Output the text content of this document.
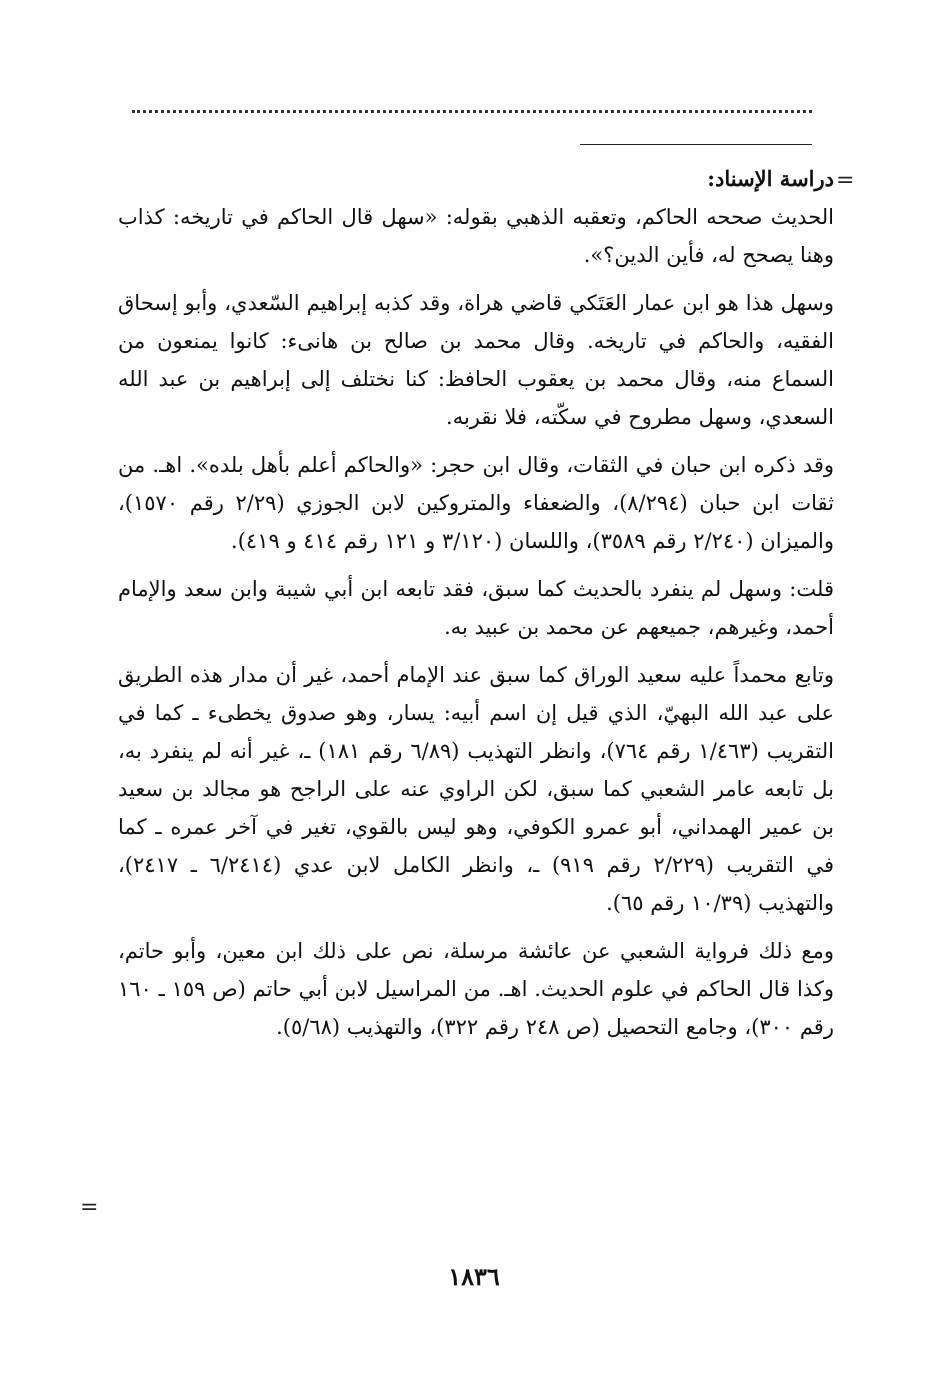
=
=
دراسة الإسناد:

الحديث صححه الحاكم، وتعقبه الذهبي بقوله: «سهل قال الحاكم في تاريخه: كذاب وهنا يصحح له، فأين الدين؟».

وسهل هذا هو ابن عمار العَتَكي قاضي هراة، وقد كذبه إبراهيم السّعدي، وأبو إسحاق الفقيه، والحاكم في تاريخه. وقال محمد بن صالح بن هانىء: كانوا يمنعون من السماع منه، وقال محمد بن يعقوب الحافظ: كنا نختلف إلى إبراهيم بن عبد الله السعدي، وسهل مطروح في سكّته، فلا نقربه.

وقد ذكره ابن حبان في الثقات، وقال ابن حجر: «والحاكم أعلم بأهل بلده». اهـ. من ثقات ابن حبان (٨/٢٩٤)، والضعفاء والمتروكين لابن الجوزي (٢/٢٩ رقم ١٥٧٠)، والميزان (٢/٢٤٠ رقم ٣٥٨٩)، واللسان (٣/١٢٠ و ١٢١ رقم ٤١٤ و ٤١٩).

قلت: وسهل لم ينفرد بالحديث كما سبق، فقد تابعه ابن أبي شيبة وابن سعد والإمام أحمد، وغيرهم، جميعهم عن محمد بن عبيد به.

وتابع محمداً عليه سعيد الوراق كما سبق عند الإمام أحمد، غير أن مدار هذه الطريق على عبد الله البهيّ، الذي قيل إن اسم أبيه: يسار، وهو صدوق يخطىء ـ كما في التقريب (١/٤٦٣ رقم ٧٦٤)، وانظر التهذيب (٦/٨٩ رقم ١٨١) ـ، غير أنه لم ينفرد به، بل تابعه عامر الشعبي كما سبق، لكن الراوي عنه على الراجح هو مجالد بن سعيد بن عمير الهمداني، أبو عمرو الكوفي، وهو ليس بالقوي، تغير في آخر عمره ـ كما في التقريب (٢/٢٢٩ رقم ٩١٩) ـ، وانظر الكامل لابن عدي (٦/٢٤١٤ ـ ٢٤١٧)، والتهذيب (١٠/٣٩ رقم ٦٥).

ومع ذلك فرواية الشعبي عن عائشة مرسلة، نص على ذلك ابن معين، وأبو حاتم، وكذا قال الحاكم في علوم الحديث. اهـ. من المراسيل لابن أبي حاتم (ص ١٥٩ ـ ١٦٠ رقم ٣٠٠)، وجامع التحصيل (ص ٢٤٨ رقم ٣٢٢)، والتهذيب (٥/٦٨).

١٨٣٦
